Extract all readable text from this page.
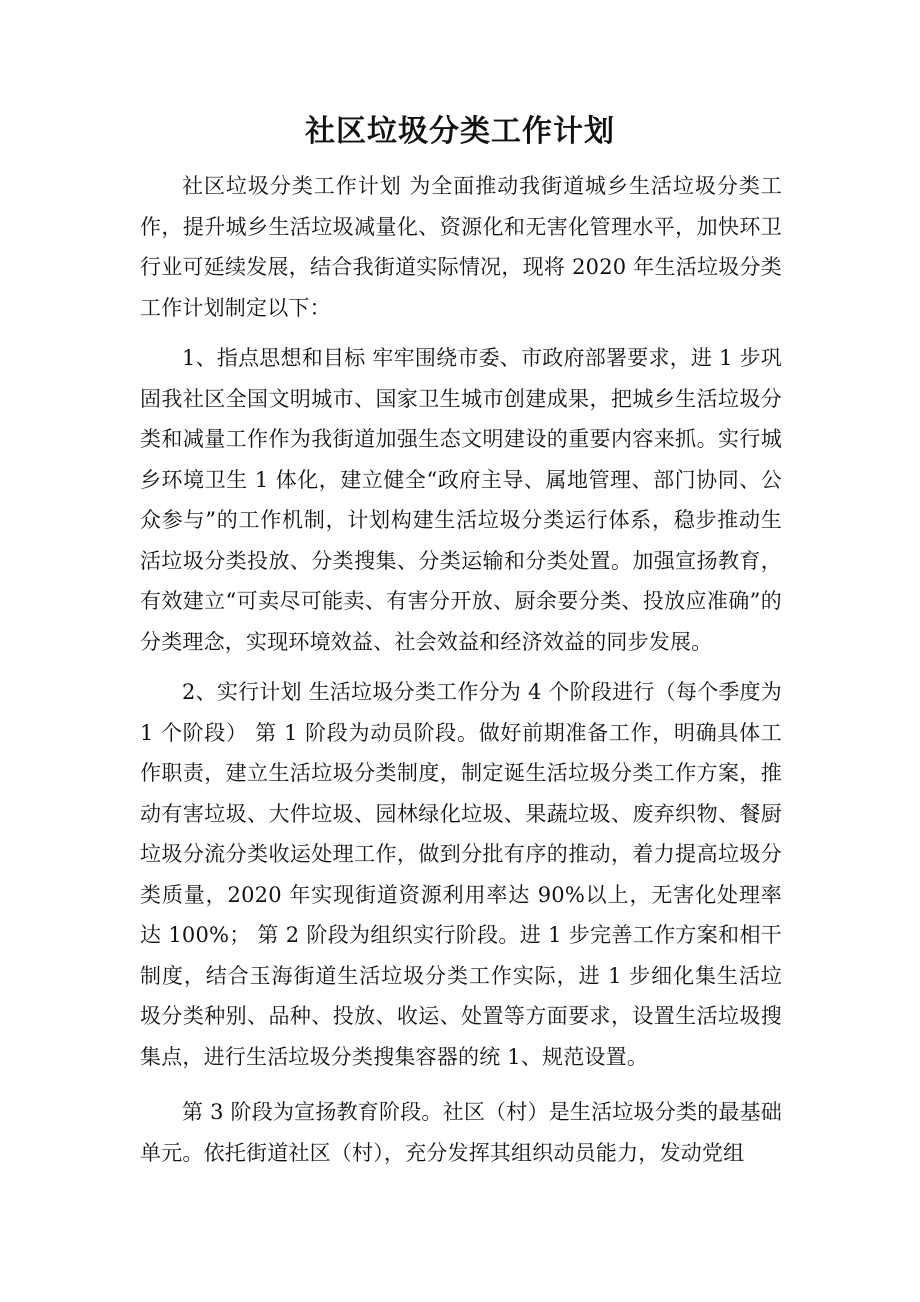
社区垃圾分类工作计划

社区垃圾分类工作计划 为全面推动我街道城乡生活垃圾分类工作，提升城乡生活垃圾减量化、资源化和无害化管理水平，加快环卫行业可延续发展，结合我街道实际情况，现将 2020 年生活垃圾分类工作计划制定以下：

1、指点思想和目标 牢牢围绕市委、市政府部署要求，进 1 步巩固我社区全国文明城市、国家卫生城市创建成果，把城乡生活垃圾分类和减量工作作为我街道加强生态文明建设的重要内容来抓。实行城乡环境卫生 1 体化，建立健全“政府主导、属地管理、部门协同、公众参与”的工作机制，计划构建生活垃圾分类运行体系，稳步推动生活垃圾分类投放、分类搜集、分类运输和分类处置。加强宣扬教育，有效建立“可卖尽可能卖、有害分开放、厨余要分类、投放应准确”的分类理念，实现环境效益、社会效益和经济效益的同步发展。

2、实行计划 生活垃圾分类工作分为 4 个阶段进行（每个季度为 1 个阶段） 第 1 阶段为动员阶段。做好前期准备工作，明确具体工作职责，建立生活垃圾分类制度，制定诞生活垃圾分类工作方案，推动有害垃圾、大件垃圾、园林绿化垃圾、果蔬垃圾、废弃织物、餐厨垃圾分流分类收运处理工作，做到分批有序的推动，着力提高垃圾分类质量，2020 年实现街道资源利用率达 90%以上，无害化处理率达 100%； 第 2 阶段为组织实行阶段。进 1 步完善工作方案和相干制度，结合玉海街道生活垃圾分类工作实际，进 1 步细化集生活垃圾分类种别、品种、投放、收运、处置等方面要求，设置生活垃圾搜集点，进行生活垃圾分类搜集容器的统 1、规范设置。

第 3 阶段为宣扬教育阶段。社区（村）是生活垃圾分类的最基础单元。依托街道社区（村），充分发挥其组织动员能力，发动党组
